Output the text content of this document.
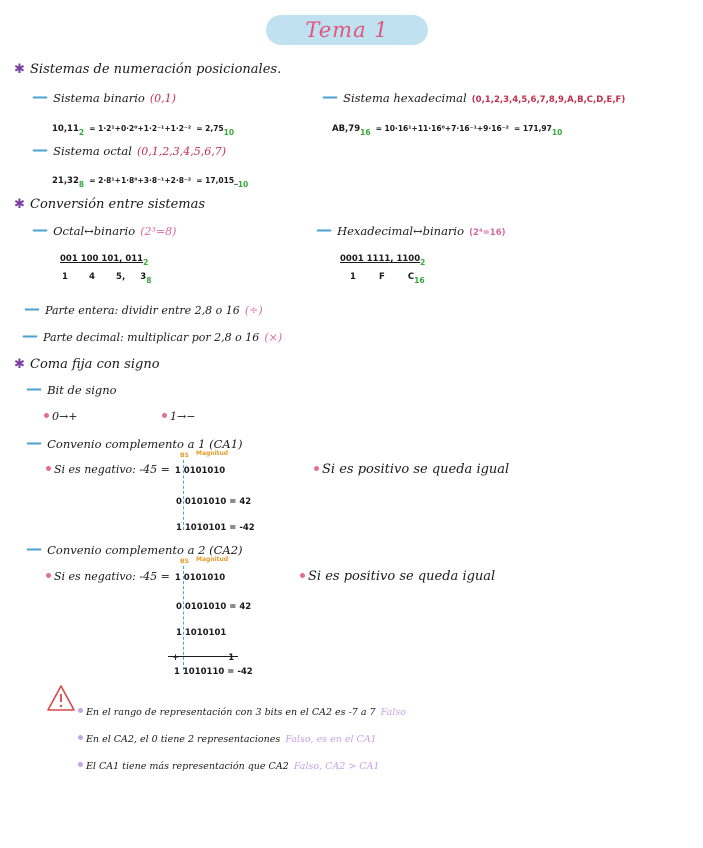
Tema 1
✱ Sistemas de numeración posicionales.
— Sistema binario (0,1)
$10,11_2 = 1\cdot 2^1+0\cdot 2^0+1\cdot 2^{-1}+1\cdot 2^{-2} = 2,75_{10}$
— Sistema octal (0,1,2,3,4,5,6,7)
$21,32_8 = 2\cdot 8^1+1\cdot 8^0+3\cdot 8^{-1}+2\cdot 8^{-2}$ = $17,015\__{10}$
— Sistema hexadecimal (0,1,2,3,4,5,6,7,8,9,A,B,C,D,E,F)
$AB,79_{16} = 10\cdot 16^1+11\cdot 16^0+7\cdot 16^{-1}+9\cdot 16^{-2} = 171,97_{10}$
✱ Conversión entre sistemas
— Octal↔binario (2³=8)
001 100 101, $011_2$
1 4 5, $3_8$
— Hexadecimal↔binario (2⁴=16)
0001 1111, $1100_2$
1	F	$C_{16}$
— Parte entera: dividir entre 2,8 o 16 (÷)
— Parte decimal: multiplicar por 2,8 o 16 (×)
✱ Coma fija con signo
— Bit de signo
0→+	1→−
— Convenio complemento a 1 (CA1)
BS Magnitud
Si es negativo: -45 = 1 0101010
0 0101010 = 42
1 1010101 = -42
Si es positivo se queda igual
— Convenio complemento a 2 (CA2)
BS Magnitud
Si es negativo: -45 = 1 0101010
0 0101010 = 42
1 1010101
+	1
1 1010110 = -42
Si es positivo se queda igual
En el rango de representación con 3 bits en el CA2 es -7 a 7 Falso
En el CA2, el 0 tiene 2 representaciones Falso, es en el CA1
El CA1 tiene más representación que CA2 Falso, CA2 > CA1
